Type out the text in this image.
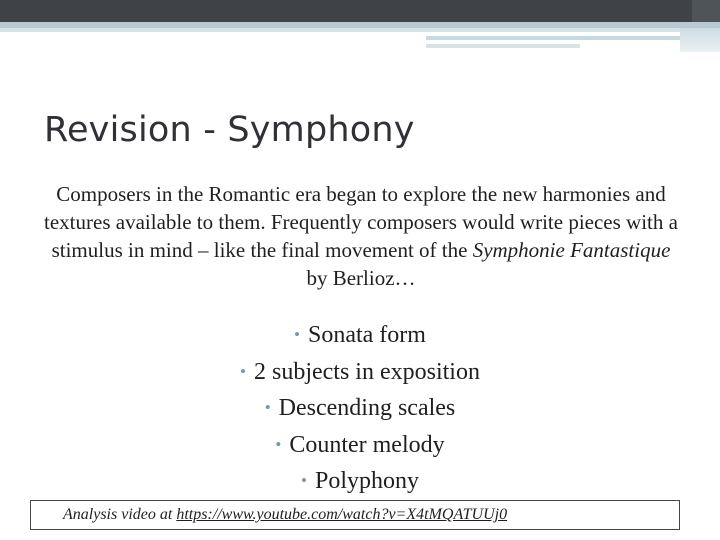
Revision - Symphony

Composers in the Romantic era began to explore the new harmonies and textures available to them. Frequently composers would write pieces with a stimulus in mind – like the final movement of the Symphonie Fantastique by Berlioz…

• Sonata form
• 2 subjects in exposition
• Descending scales
• Counter melody
• Polyphony
Analysis video at https://www.youtube.com/watch?v=X4tMQATUUj0
